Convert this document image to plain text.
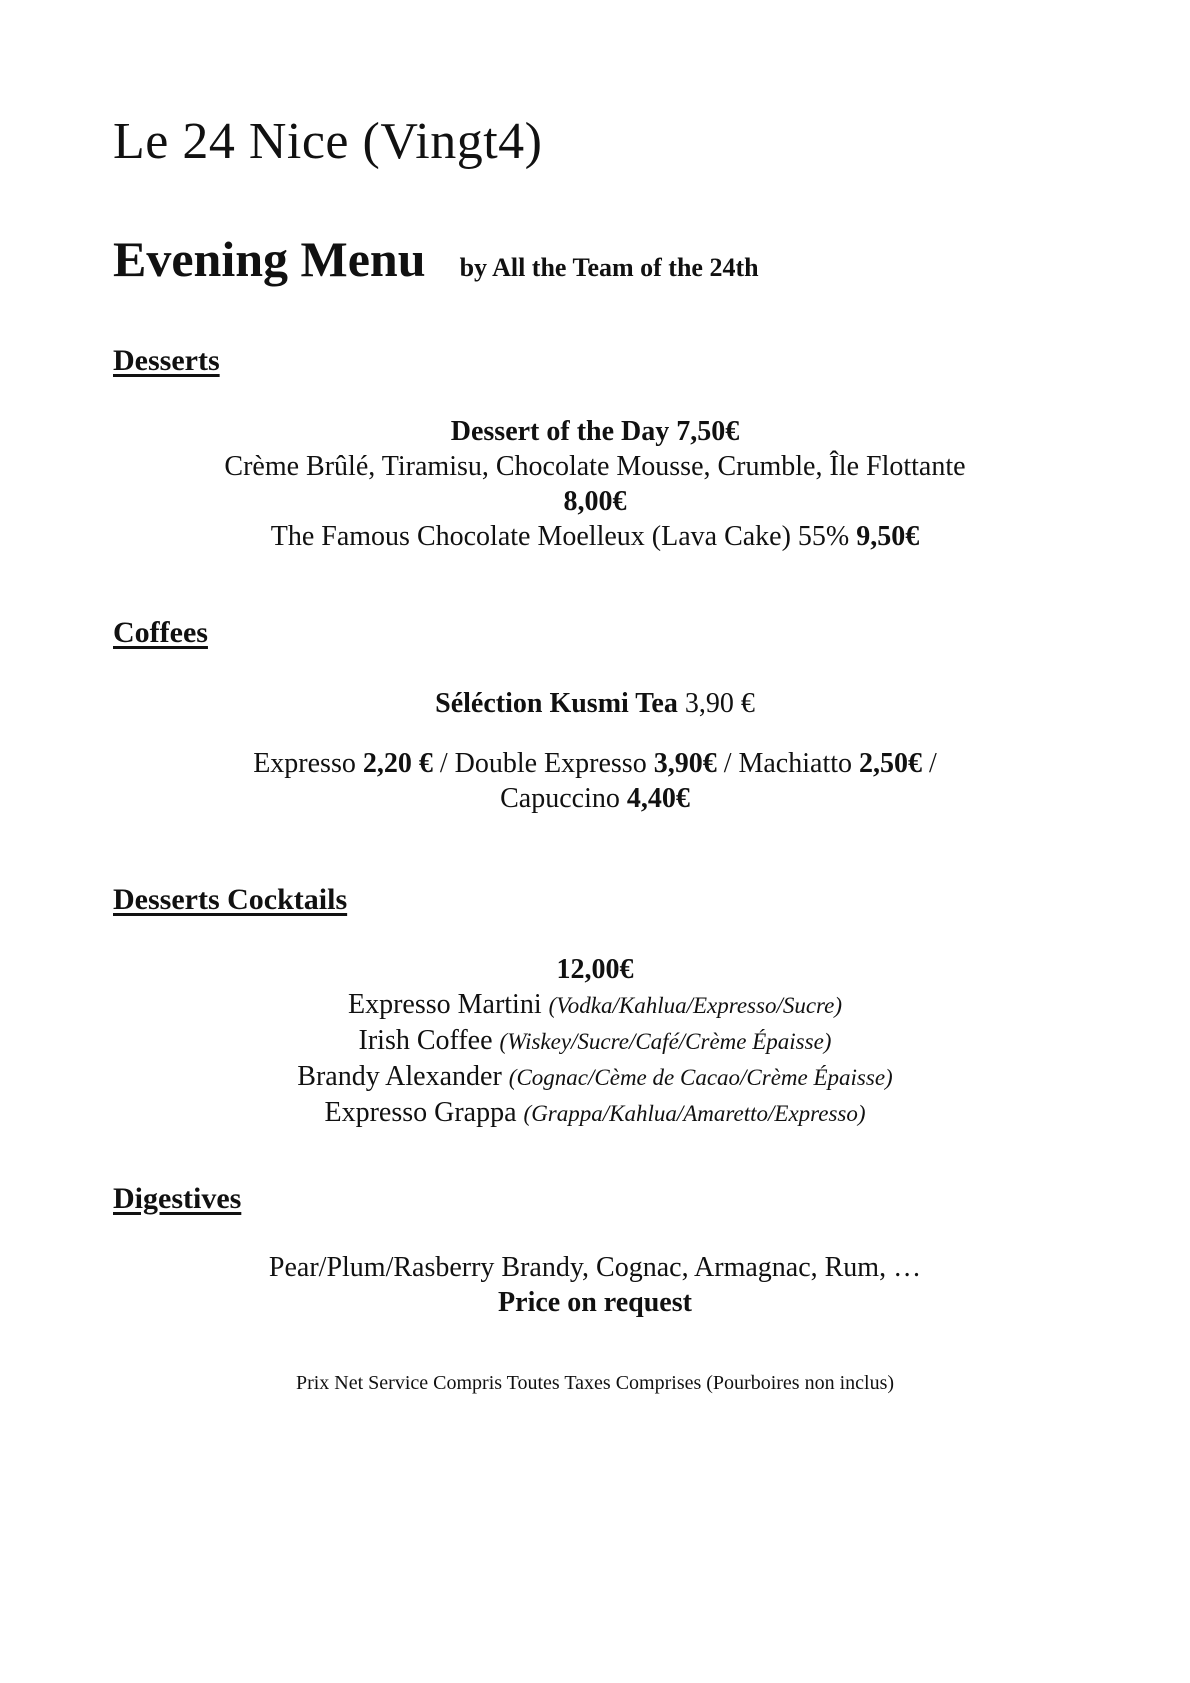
Le 24 Nice (Vingt4)
Evening Menu by All the Team of the 24th
Desserts
Dessert of the Day 7,50€
Crème Brûlé, Tiramisu, Chocolate Mousse, Crumble, Île Flottante
8,00€
The Famous Chocolate Moelleux (Lava Cake) 55% 9,50€
Coffees
Séléction Kusmi Tea 3,90 €
Expresso 2,20 € / Double Expresso 3,90€ / Machiatto 2,50€ /
Capuccino 4,40€
Desserts Cocktails
12,00€
Expresso Martini (Vodka/Kahlua/Expresso/Sucre)
Irish Coffee (Wiskey/Sucre/Café/Crème Épaisse)
Brandy Alexander (Cognac/Cème de Cacao/Crème Épaisse)
Expresso Grappa (Grappa/Kahlua/Amaretto/Expresso)
Digestives
Pear/Plum/Rasberry Brandy, Cognac, Armagnac, Rum, …
Price on request
Prix Net Service Compris Toutes Taxes Comprises (Pourboires non inclus)
